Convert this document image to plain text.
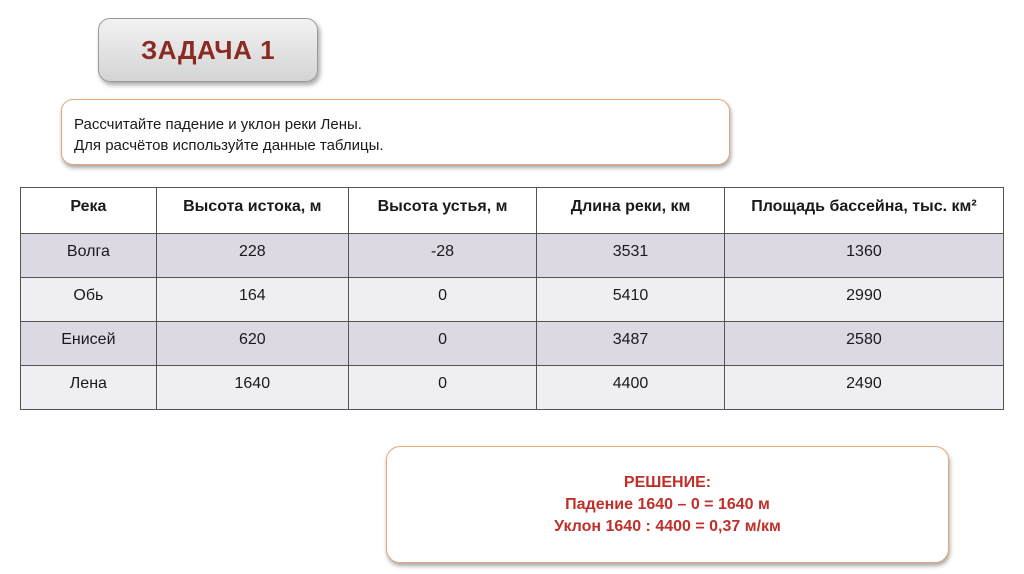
ЗАДАЧА 1
Рассчитайте падение и уклон реки Лены.
Для расчётов используйте данные таблицы.
Река	Высота истока, м	Высота устья, м	Длина реки, км	Площадь бассейна, тыс. км²
Волга	228	-28	3531	1360
Обь	164	0	5410	2990
Енисей	620	0	3487	2580
Лена	1640	0	4400	2490
РЕШЕНИЕ:
Падение 1640 – 0 = 1640 м
Уклон 1640 : 4400 = 0,37 м/км
